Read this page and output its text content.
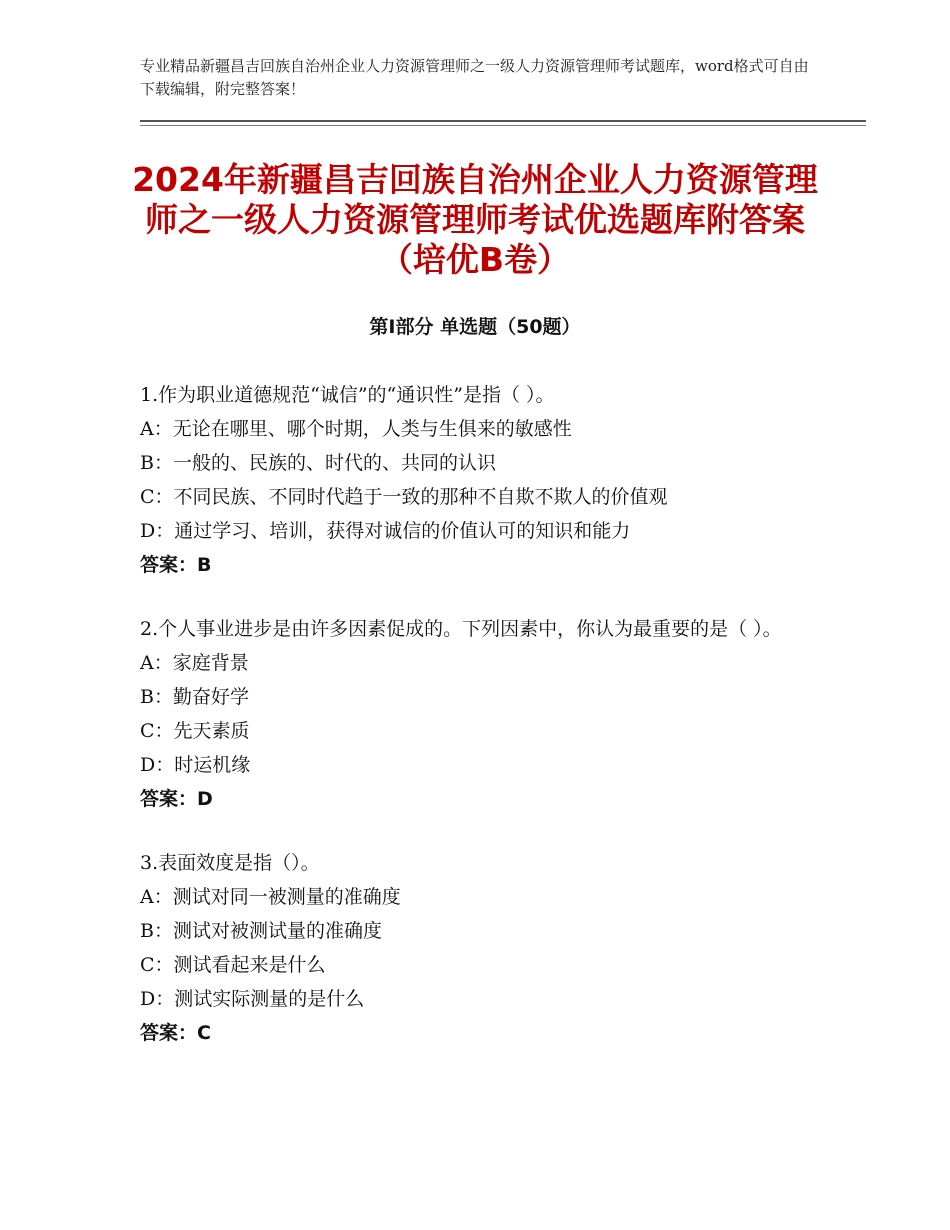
专业精品新疆昌吉回族自治州企业人力资源管理师之一级人力资源管理师考试题库，word格式可自由下载编辑，附完整答案！
2024年新疆昌吉回族自治州企业人力资源管理师之一级人力资源管理师考试优选题库附答案（培优B卷）
第Ⅰ部分 单选题（50题）
1.作为职业道德规范“诚信”的“通识性”是指（ ）。
A：无论在哪里、哪个时期，人类与生俱来的敏感性
B：一般的、民族的、时代的、共同的认识
C：不同民族、不同时代趋于一致的那种不自欺不欺人的价值观
D：通过学习、培训，获得对诚信的价值认可的知识和能力
答案：B
2.个人事业进步是由许多因素促成的。下列因素中，你认为最重要的是（ ）。
A：家庭背景
B：勤奋好学
C：先天素质
D：时运机缘
答案：D
3.表面效度是指（）。
A：测试对同一被测量的准确度
B：测试对被测试量的准确度
C：测试看起来是什么
D：测试实际测量的是什么
答案：C
